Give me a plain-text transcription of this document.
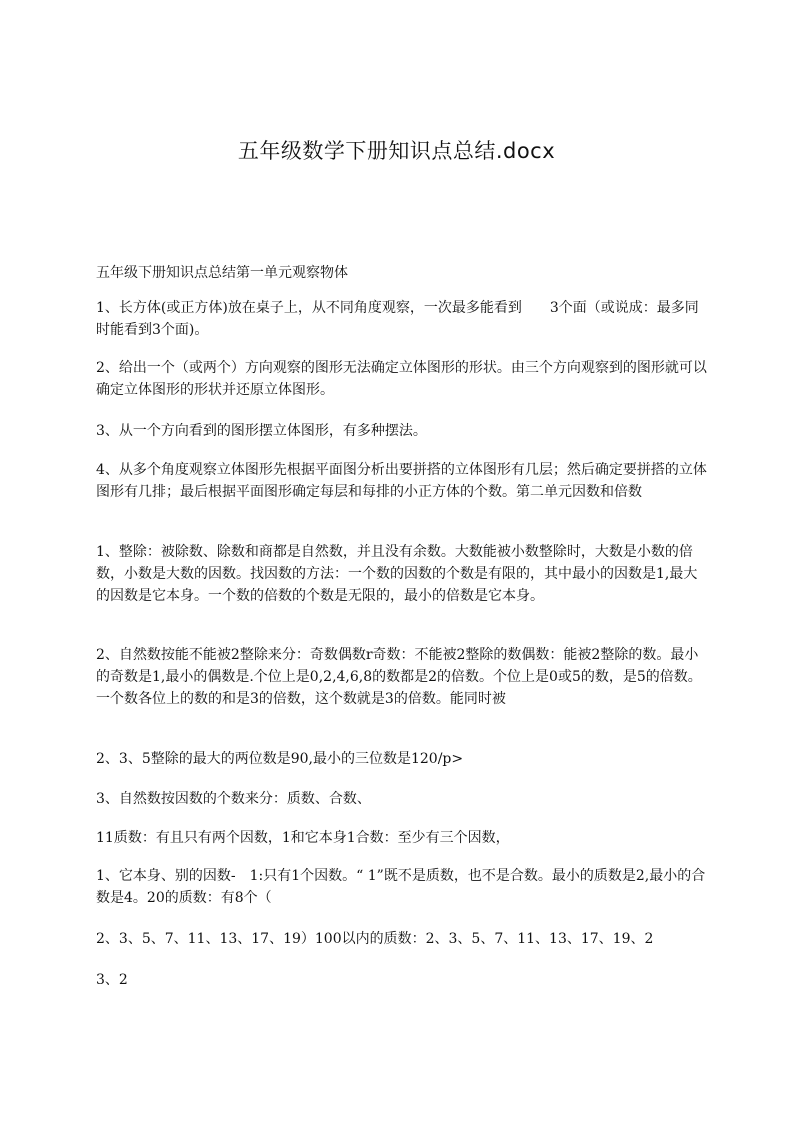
五年级数学下册知识点总结.docx

五年级下册知识点总结第一单元观察物体

1、长方体(或正方体)放在桌子上，从不同角度观察，一次最多能看到　　3个面（或说成：最多同时能看到3个面)。

2、给出一个（或两个）方向观察的图形无法确定立体图形的形状。由三个方向观察到的图形就可以确定立体图形的形状并还原立体图形。

3、从一个方向看到的图形摆立体图形，有多种摆法。

4、从多个角度观察立体图形先根据平面图分析出要拼搭的立体图形有几层；然后确定要拼搭的立体图形有几排；最后根据平面图形确定每层和每排的小正方体的个数。第二单元因数和倍数

1、整除：被除数、除数和商都是自然数，并且没有余数。大数能被小数整除时，大数是小数的倍数，小数是大数的因数。找因数的方法：一个数的因数的个数是有限的，其中最小的因数是1,最大的因数是它本身。一个数的倍数的个数是无限的，最小的倍数是它本身。

2、自然数按能不能被2整除来分：奇数偶数r奇数：不能被2整除的数偶数：能被2整除的数。最小的奇数是1,最小的偶数是.个位上是0,2,4,6,8的数都是2的倍数。个位上是0或5的数，是5的倍数。一个数各位上的数的和是3的倍数，这个数就是3的倍数。能同时被

2、3、5整除的最大的两位数是90,最小的三位数是120/p>

3、自然数按因数的个数来分：质数、合数、

11质数：有且只有两个因数，1和它本身1合数：至少有三个因数，

1、它本身、别的因数-　1:只有1个因数。“ 1”既不是质数，也不是合数。最小的质数是2,最小的合数是4。20的质数：有8个（

2、3、5、7、11、13、17、19）100以内的质数：2、3、5、7、11、13、17、19、2

3、2
